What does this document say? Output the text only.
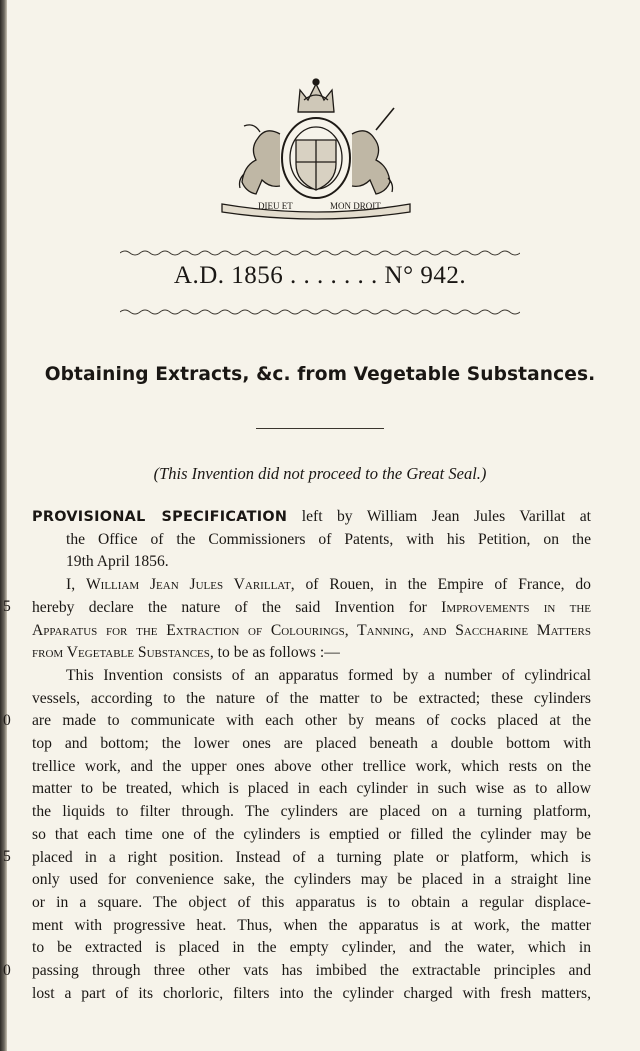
DIEU ET	MON DROIT
A.D. 1856 . . . . . . . N° 942.
Obtaining Extracts, &c. from Vegetable Substances.
(This Invention did not proceed to the Great Seal.)
5
0
5
0

PROVISIONAL SPECIFICATION left by William Jean Jules Varillat at
the Office of the Commissioners of Patents, with his Petition, on the
19th April 1856.

I, William Jean Jules Varillat, of Rouen, in the Empire of France, do
hereby declare the nature of the said Invention for Improvements in the
Apparatus for the Extraction of Colourings, Tanning, and Saccharine Matters
from Vegetable Substances, to be as follows :—

This Invention consists of an apparatus formed by a number of cylindrical
vessels, according to the nature of the matter to be extracted; these cylinders
are made to communicate with each other by means of cocks placed at the
top and bottom; the lower ones are placed beneath a double bottom with
trellice work, and the upper ones above other trellice work, which rests on the
matter to be treated, which is placed in each cylinder in such wise as to allow
the liquids to filter through. The cylinders are placed on a turning platform,
so that each time one of the cylinders is emptied or filled the cylinder may be
placed in a right position. Instead of a turning plate or platform, which is
only used for convenience sake, the cylinders may be placed in a straight line
or in a square. The object of this apparatus is to obtain a regular displace-
ment with progressive heat. Thus, when the apparatus is at work, the matter
to be extracted is placed in the empty cylinder, and the water, which in
passing through three other vats has imbibed the extractable principles and
lost a part of its chorloric, filters into the cylinder charged with fresh matters,
